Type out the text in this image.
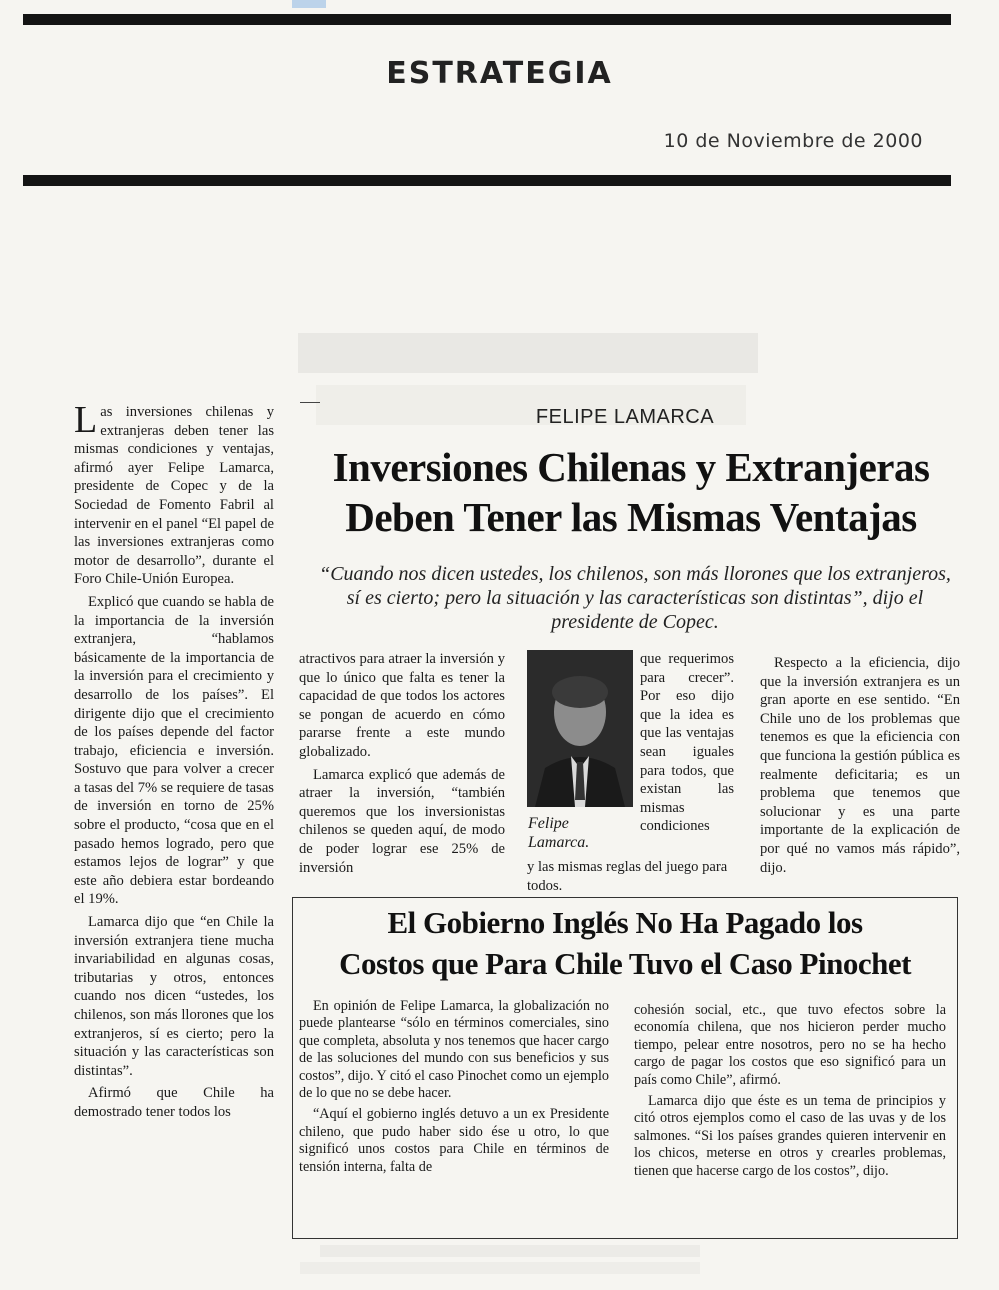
ESTRATEGIA
10 de Noviembre de 2000
FELIPE LAMARCA
Inversiones Chilenas y Extranjeras
Deben Tener las Mismas Ventajas
“Cuando nos dicen ustedes, los chilenos, son más llorones que los extranjeros, sí es cierto; pero la situación y las características son distintas”, dijo el presidente de Copec.

Las inversiones chilenas y extranjeras deben tener las mismas condiciones y ventajas, afirmó ayer Felipe Lamarca, presidente de Copec y de la Sociedad de Fomento Fabril al intervenir en el panel “El papel de las inversiones extranjeras como motor de desarrollo”, durante el Foro Chile-Unión Europea.

Explicó que cuando se habla de la importancia de la inversión extranjera, “hablamos básicamente de la importancia de la inversión para el crecimiento y desarrollo de los países”. El dirigente dijo que el crecimiento de los países depende del factor trabajo, eficiencia e inversión. Sostuvo que para volver a crecer a tasas del 7% se requiere de tasas de inversión en torno de 25% sobre el producto, “cosa que en el pasado hemos logrado, pero que estamos lejos de lograr” y que este año debiera estar bordeando el 19%.

Lamarca dijo que “en Chile la inversión extranjera tiene mucha invariabilidad en algunas cosas, tributarias y otros, entonces cuando nos dicen “ustedes, los chilenos, son más llorones que los extranjeros, sí es cierto; pero la situación y las características son distintas”.

Afirmó que Chile ha demostrado tener todos los

atractivos para atraer la inversión y que lo único que falta es tener la capacidad de que todos los actores se pongan de acuerdo en cómo pararse frente a este mundo globalizado.

Lamarca explicó que además de atraer la inversión, “también queremos que los inversionistas chilenos se queden aquí, de modo de poder lograr ese 25% de inversión

Felipe
Lamarca.

que requerimos para crecer”. Por eso dijo que la idea es que las ventajas sean iguales para todos, que existan las mismas condiciones

y las mismas reglas del juego para todos.

Respecto a la eficiencia, dijo que la inversión extranjera es un gran aporte en ese sentido. “En Chile uno de los problemas que tenemos es que la eficiencia con que funciona la gestión pública es realmente deficitaria; es un problema que tenemos que solucionar y es una parte importante de la explicación de por qué no vamos más rápido”, dijo.

El Gobierno Inglés No Ha Pagado los
Costos que Para Chile Tuvo el Caso Pinochet

En opinión de Felipe Lamarca, la globalización no puede plantearse “sólo en términos comerciales, sino que completa, absoluta y nos tenemos que hacer cargo de las soluciones del mundo con sus beneficios y sus costos”, dijo. Y citó el caso Pinochet como un ejemplo de lo que no se debe hacer.

“Aquí el gobierno inglés detuvo a un ex Presidente chileno, que pudo haber sido ése u otro, lo que significó unos costos para Chile en términos de tensión interna, falta de

cohesión social, etc., que tuvo efectos sobre la economía chilena, que nos hicieron perder mucho tiempo, pelear entre nosotros, pero no se ha hecho cargo de pagar los costos que eso significó para un país como Chile”, afirmó.

Lamarca dijo que éste es un tema de principios y citó otros ejemplos como el caso de las uvas y de los salmones. “Si los países grandes quieren intervenir en los chicos, meterse en otros y crearles problemas, tienen que hacerse cargo de los costos”, dijo.
